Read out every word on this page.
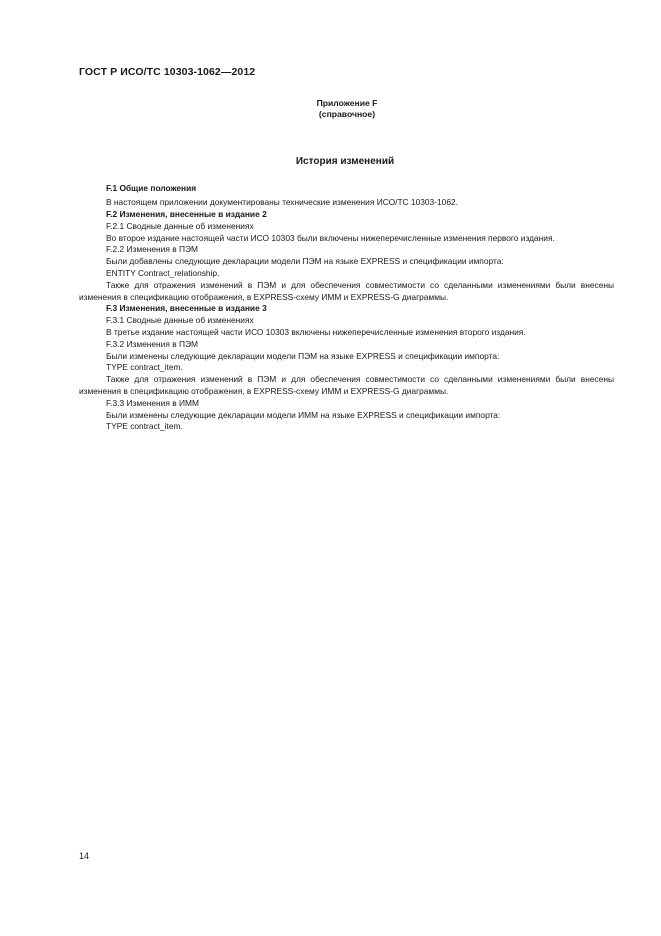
ГОСТ Р ИСО/ТС 10303-1062—2012
Приложение F
(справочное)
История изменений

F.1 Общие положения

В настоящем приложении документированы технические изменения ИСО/ТС 10303-1062.

F.2 Изменения, внесенные в издание 2

F.2.1 Сводные данные об изменениях

Во второе издание настоящей части ИСО 10303 были включены нижеперечисленные изменения первого издания.

F.2.2 Изменения в ПЭМ

Были добавлены следующие декларации модели ПЭМ на языке EXPRESS и спецификации импорта:

ENTITY Contract_relationship.

Также для отражения изменений в ПЭМ и для обеспечения совместимости со сделанными изменениями были внесены изменения в спецификацию отображения, в EXPRESS-схему ИММ и EXPRESS-G диаграммы.

F.3 Изменения, внесенные в издание 3

F.3.1 Сводные данные об изменениях

В третье издание настоящей части ИСО 10303 включены нижеперечисленные изменения второго издания.

F.3.2 Изменения в ПЭМ

Были изменены следующие декларации модели ПЭМ на языке EXPRESS и спецификации импорта:

TYPE contract_item.

Также для отражения изменений в ПЭМ и для обеспечения совместимости со сделанными изменениями были внесены изменения в спецификацию отображения, в EXPRESS-схему ИММ и EXPRESS-G диаграммы.

F.3.3 Изменения в ИММ

Были изменены следующие декларации модели ИММ на языке EXPRESS и спецификации импорта:

TYPE contract_item.

14
